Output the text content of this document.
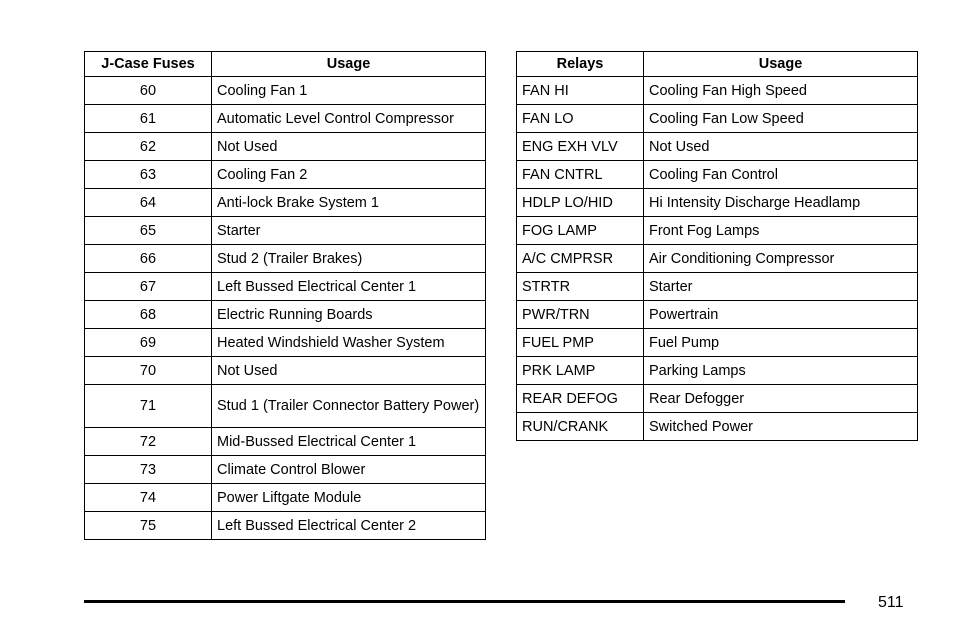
J-Case Fuses	Usage
60	Cooling Fan 1
61	Automatic Level Control Compressor
62	Not Used
63	Cooling Fan 2
64	Anti-lock Brake System 1
65	Starter
66	Stud 2 (Trailer Brakes)
67	Left Bussed Electrical Center 1
68	Electric Running Boards
69	Heated Windshield Washer System
70	Not Used
71	Stud 1 (Trailer Connector Battery Power)
72	Mid-Bussed Electrical Center 1
73	Climate Control Blower
74	Power Liftgate Module
75	Left Bussed Electrical Center 2
Relays	Usage
FAN HI	Cooling Fan High Speed
FAN LO	Cooling Fan Low Speed
ENG EXH VLV	Not Used
FAN CNTRL	Cooling Fan Control
HDLP LO/HID	Hi Intensity Discharge Headlamp
FOG LAMP	Front Fog Lamps
A/C CMPRSR	Air Conditioning Compressor
STRTR	Starter
PWR/TRN	Powertrain
FUEL PMP	Fuel Pump
PRK LAMP	Parking Lamps
REAR DEFOG	Rear Defogger
RUN/CRANK	Switched Power
511
